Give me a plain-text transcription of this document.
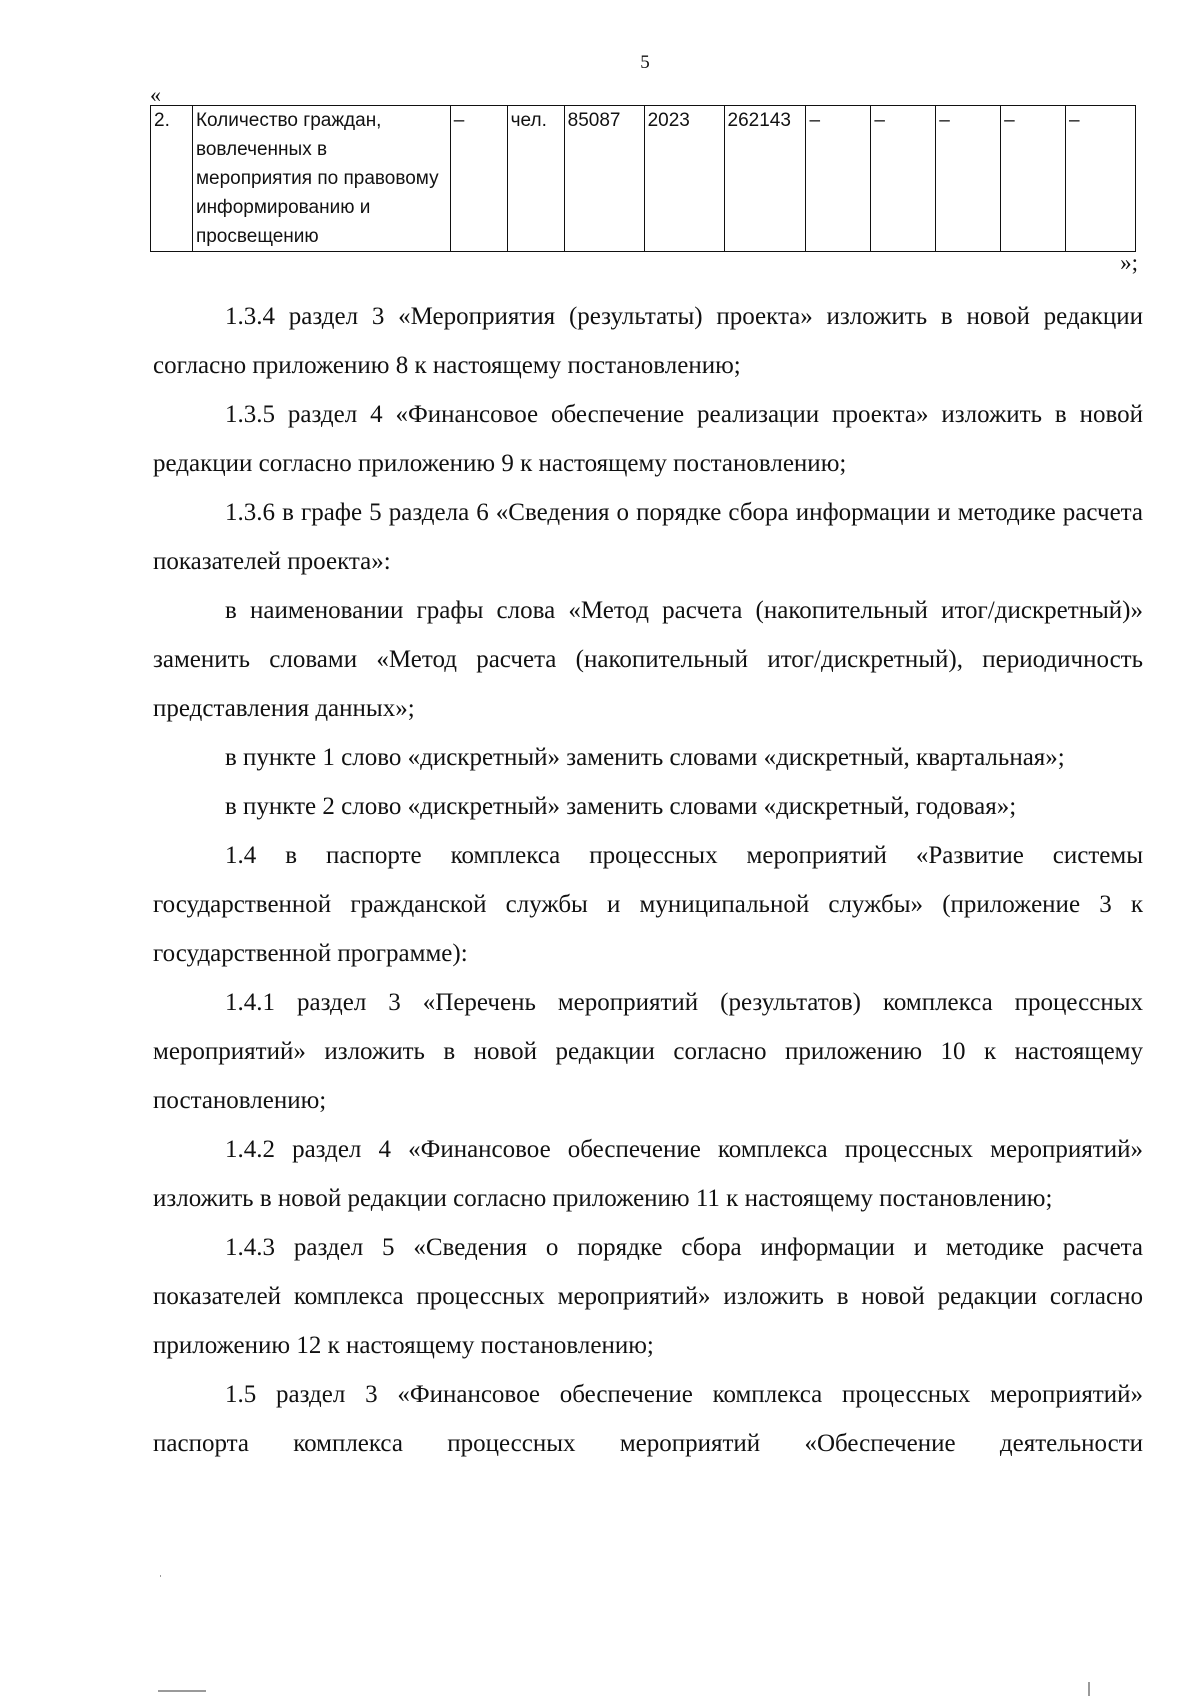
5
«
2.	Количество граждан, вовлеченных в мероприятия по правовому информированию и просвещению	–	чел.	85087	2023	262143	–	–	–	–	–
»;

1.3.4 раздел 3 «Мероприятия (результаты) проекта» изложить в новой редакции согласно приложению 8 к настоящему постановлению;

1.3.5 раздел 4 «Финансовое обеспечение реализации проекта» изложить в новой редакции согласно приложению 9 к настоящему постановлению;

1.3.6 в графе 5 раздела 6 «Сведения о порядке сбора информации и методике расчета показателей проекта»:

в наименовании графы слова «Метод расчета (накопительный итог/дискретный)» заменить словами «Метод расчета (накопительный итог/дискретный), периодичность представления данных»;

в пункте 1 слово «дискретный» заменить словами «дискретный, квартальная»;

в пункте 2 слово «дискретный» заменить словами «дискретный, годовая»;

1.4 в паспорте комплекса процессных мероприятий «Развитие системы государственной гражданской службы и муниципальной службы» (приложение 3 к государственной программе):

1.4.1 раздел 3 «Перечень мероприятий (результатов) комплекса процессных мероприятий» изложить в новой редакции согласно приложению 10 к настоящему постановлению;

1.4.2 раздел 4 «Финансовое обеспечение комплекса процессных мероприятий» изложить в новой редакции согласно приложению 11 к настоящему постановлению;

1.4.3 раздел 5 «Сведения о порядке сбора информации и методике расчета показателей комплекса процессных мероприятий» изложить в новой редакции согласно приложению 12 к настоящему постановлению;

1.5 раздел 3 «Финансовое обеспечение комплекса процессных мероприятий» паспорта комплекса процессных мероприятий «Обеспечение деятельности
